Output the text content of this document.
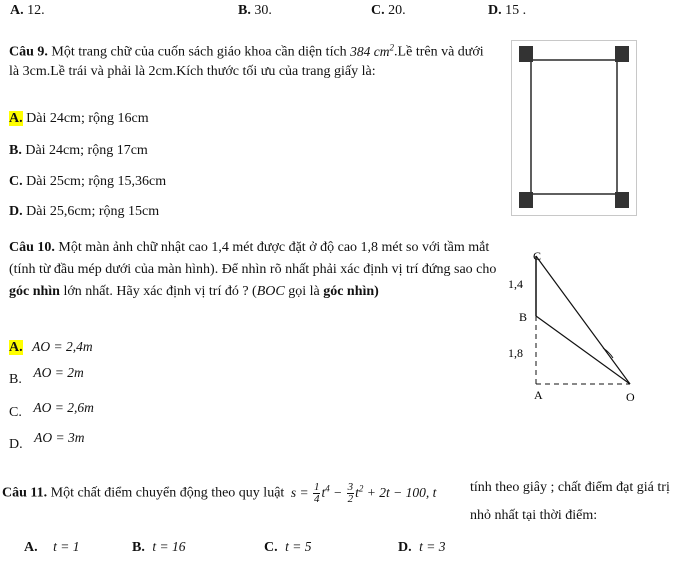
A. 12.	B. 30.	C. 20.	D. 15 .
Câu 9. Một trang chữ của cuốn sách giáo khoa cần diện tích 384 $cm^2.Lề$ trên và dưới là 3cm.Lề trái và phải là 2cm.Kích thước tối ưu của trang giấy là:
A. Dài 24cm; rộng 16cm
B. Dài 24cm; rộng 17cm
C. Dài 25cm; rộng 15,36cm
D. Dài 25,6cm; rộng 15cm
Câu 10. Một màn ảnh chữ nhật cao 1,4 mét được đặt ở độ cao 1,8 mét so với tầm mắt (tính từ đầu mép dưới của màn hình). Để nhìn rõ nhất phải xác định vị trí đứng sao cho góc nhìn lớn nhất. Hãy xác định vị trí đó ? (BOC gọi là góc nhìn)
A. AO = 2,4m
B. AO = 2m
C. AO = 2,6m
D. AO = 3m
C
B
A	O
1,4
1,8
Câu 11. Một chất điểm chuyển động theo quy luật $s = \frac{1}{4} t^4 - \frac{3}{2} t^2 + 2t - 100$, t tính theo giây ; chất điểm đạt giá trị nhỏ nhất tại thời điểm:
A. t = 1	B. t = 16	C. t = 5	D. t = 3
